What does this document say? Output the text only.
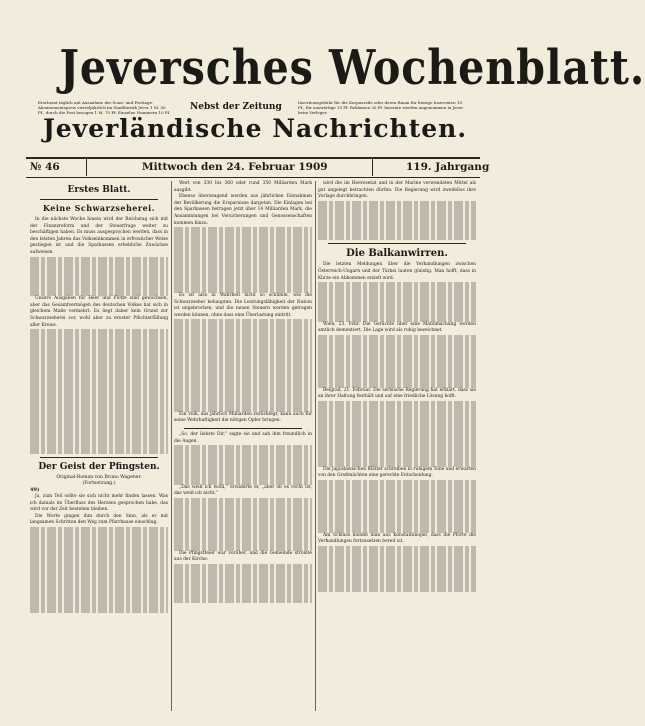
Jeversches Wochenblatt.
Erscheint täglich mit Ausnahme der Sonn- und Festtage. Abonnementspreis vierteljährlich im Stadtbezirk Jever 1 M. 50 Pf., durch die Post bezogen 1 M. 75 Pf. Einzelne Nummern 10 Pf.
Nebst der Zeitung	Insertionsgebühr für die Korpuszeile oder deren Raum für hiesige Inserenten 10 Pf., für auswärtige 15 Pf. Reklamen 30 Pf. Inserate werden angenommen in Jever beim Verleger.
Jeverländische Nachrichten.
№ 46	Mittwoch den 24. Februar 1909	119. Jahrgang
Erstes Blatt.
Keine Schwarzseherei.

In die nächste Woche hinein wird der Reichstag sich mit der Finanzreform und der Steuerfrage weiter zu beschäftigen haben. Es muss ausgesprochen werden, dass in den letzten Jahren das Volkseinkommen in erfreulicher Weise gestiegen ist und die Sparkassen erhebliche Zuwächse aufweisen.

Unsere Ausgaben für Heer und Flotte sind gewachsen, aber das Gesamtvermögen des deutschen Volkes hat sich in gleichem Maße vermehrt. Es liegt daher kein Grund zur Schwarzseherei vor, wohl aber zu ernster Pflichterfüllung aller Kreise.

Der Geist der Pfingsten.
Original-Roman von Bruno Wagener.
(Fortsetzung.)
49)

Ja, zum Teil sollte sie sich nicht mehr finden lassen. Was ich damals im Überfluss des Herzens gesprochen habe, das wird vor der Zeit bestehen bleiben.

Die Worte gingen ihm durch den Sinn, als er mit langsamen Schritten den Weg zum Pfarrhause einschlug.

Wert von 330 bis 360 oder rund 350 Milliarden Mark ausgibt.

Ebenso überzeugend werden aus jährlichen Einnahmen der Bevölkerung die Ersparnisse dargetan. Die Einlagen bei den Sparkassen betragen jetzt über 14 Milliarden Mark, die Ansammlungen bei Versicherungen und Genossenschaften kommen hinzu.

Es ist also in Wahrheit nicht so schlimm, wie die Schwarzseher behaupten. Die Leistungsfähigkeit der Nation ist ungebrochen, und die neuen Steuern werden getragen werden können, ohne dass eine Überlastung eintritt.

Ein Volk, das jährlich Milliarden zurücklegt, kann auch für seine Wehrhaftigkeit die nötigen Opfer bringen.

„So, der liebste Dir,“ sagte sie und sah ihm freundlich in die Augen.

„Das weiß ich wohl,“ erwiderte er, „aber ob es recht ist, das weiß ich nicht.“

Die Pfingstfeier war vorüber, und die Gemeinde strömte aus der Kirche.

wird die im Heeresetat und in der Marine verwendeten Mittel als gut angelegt betrachten dürfen. Die Regierung wird zweifellos ihre Vorlage durchbringen.

Die Balkanwirren.

Die letzten Meldungen über die Verhandlungen zwischen Österreich-Ungarn und der Türkei lauten günstig. Man hofft, dass in Kürze ein Abkommen erzielt wird.

Wien, 23. Febr. Die Gerüchte über eine Mobilmachung werden amtlich dementiert. Die Lage wird als ruhig bezeichnet.

Belgrad, 21. Februar. Die serbische Regierung hat erklärt, dass sie an ihrer Haltung festhält und auf eine friedliche Lösung hofft.

Die jugoslawischen Blätter schreiben in ruhigem Tone und erwarten von den Großmächten eine gerechte Entscheidung.

Am Schluss meldet man aus Konstantinopel, dass die Pforte die Verhandlungen fortzusetzen bereit ist.
